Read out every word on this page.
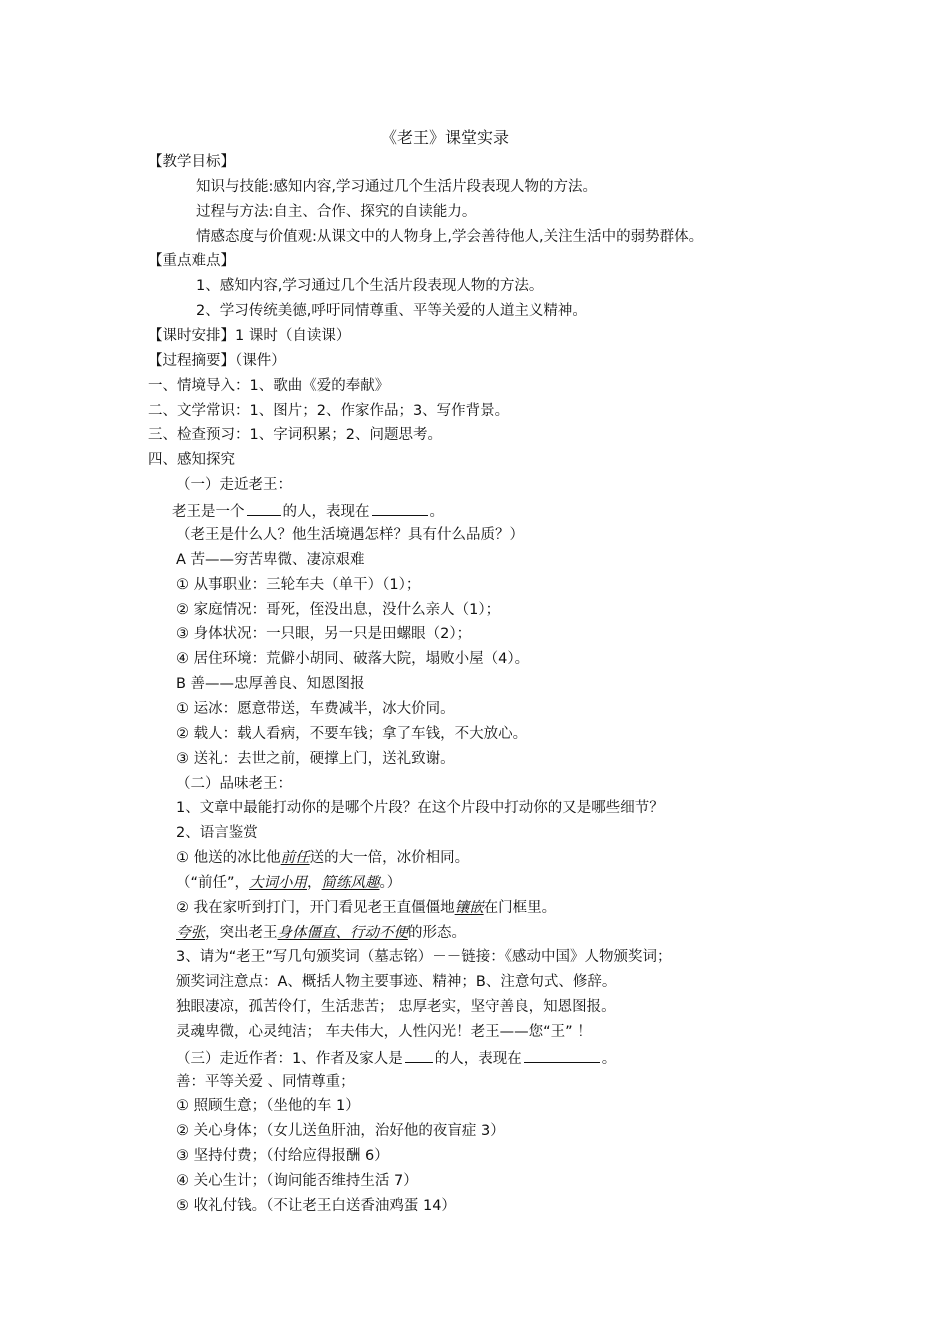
《老王》课堂实录
【教学目标】
知识与技能:感知内容,学习通过几个生活片段表现人物的方法。
过程与方法:自主、合作、探究的自读能力。
情感态度与价值观:从课文中的人物身上,学会善待他人,关注生活中的弱势群体。
【重点难点】
1、感知内容,学习通过几个生活片段表现人物的方法。
2、学习传统美德,呼吁同情尊重、平等关爱的人道主义精神。
【课时安排】1 课时（自读课）
【过程摘要】（课件）
一、情境导入：1、歌曲《爱的奉献》
二、文学常识：1、图片；2、作家作品；3、写作背景。
三、检查预习：1、字词积累；2、问题思考。
四、感知探究
（一）走近老王：
老王是一个	的人，表现在	。
（老王是什么人？他生活境遇怎样？具有什么品质？）
A 苦——穷苦卑微、凄凉艰难
① 从事职业：三轮车夫（单干）（1）；
② 家庭情况：哥死，侄没出息，没什么亲人（1）；
③ 身体状况：一只眼，另一只是田螺眼（2）；
④ 居住环境：荒僻小胡同、破落大院，塌败小屋（4）。
B 善——忠厚善良、知恩图报
① 运冰：愿意带送，车费减半，冰大价同。
② 载人：载人看病，不要车钱；拿了车钱，不大放心。
③ 送礼：去世之前，硬撑上门，送礼致谢。
（二）品味老王：
1、文章中最能打动你的是哪个片段？在这个片段中打动你的又是哪些细节？
2、语言鉴赏
① 他送的冰比他前任送的大一倍，冰价相同。
（“前任”，大词小用，简练风趣。）
② 我在家听到打门，开门看见老王直僵僵地镶嵌在门框里。
夸张，突出老王身体僵直、行动不便的形态。
3、请为“老王”写几句颁奖词（墓志铭）－－链接：《感动中国》人物颁奖词；
颁奖词注意点：A、概括人物主要事迹、精神；B、注意句式、修辞。
独眼凄凉，孤苦伶仃，生活悲苦； 忠厚老实，坚守善良，知恩图报。
灵魂卑微，心灵纯洁； 车夫伟大，人性闪光！老王——您“王” ！
（三）走近作者：1、作者及家人是 的人，表现在	。
善：平等关爱 、同情尊重；
① 照顾生意；（坐他的车 1）
② 关心身体；（女儿送鱼肝油，治好他的夜盲症 3）
③ 坚持付费；（付给应得报酬 6）
④ 关心生计；（询问能否维持生活 7）
⑤ 收礼付钱。（不让老王白送香油鸡蛋 14）
